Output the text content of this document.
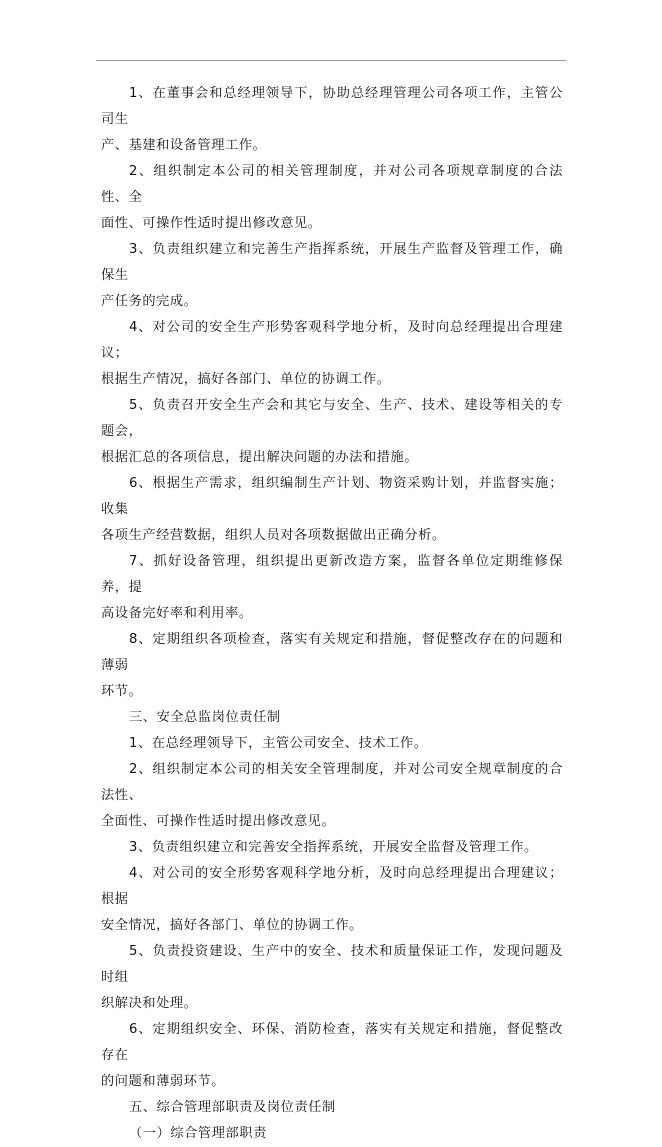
1、在董事会和总经理领导下，协助总经理管理公司各项工作，主管公司生
产、基建和设备管理工作。

2、组织制定本公司的相关管理制度，并对公司各项规章制度的合法性、全
面性、可操作性适时提出修改意见。

3、负责组织建立和完善生产指挥系统，开展生产监督及管理工作，确保生
产任务的完成。

4、对公司的安全生产形势客观科学地分析，及时向总经理提出合理建议；
根据生产情况，搞好各部门、单位的协调工作。

5、负责召开安全生产会和其它与安全、生产、技术、建设等相关的专题会，
根据汇总的各项信息，提出解决问题的办法和措施。

6、根据生产需求，组织编制生产计划、物资采购计划，并监督实施；收集
各项生产经营数据，组织人员对各项数据做出正确分析。

7、抓好设备管理，组织提出更新改造方案，监督各单位定期维修保养，提
高设备完好率和利用率。

8、定期组织各项检查，落实有关规定和措施，督促整改存在的问题和薄弱
环节。

三、安全总监岗位责任制

1、在总经理领导下，主管公司安全、技术工作。

2、组织制定本公司的相关安全管理制度，并对公司安全规章制度的合法性、
全面性、可操作性适时提出修改意见。

3、负责组织建立和完善安全指挥系统，开展安全监督及管理工作。

4、对公司的安全形势客观科学地分析，及时向总经理提出合理建议；根据
安全情况，搞好各部门、单位的协调工作。

5、负责投资建设、生产中的安全、技术和质量保证工作，发现问题及时组
织解决和处理。

6、定期组织安全、环保、消防检查，落实有关规定和措施，督促整改存在
的问题和薄弱环节。

五、综合管理部职责及岗位责任制

（一）综合管理部职责
